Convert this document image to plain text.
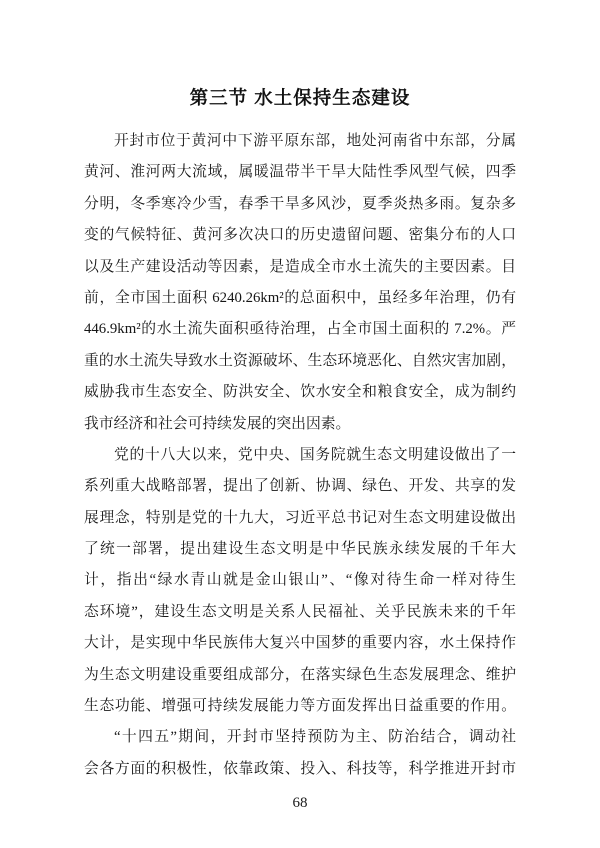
第三节 水土保持生态建设
开封市位于黄河中下游平原东部，地处河南省中东部，分属
黄河、淮河两大流域，属暖温带半干旱大陆性季风型气候，四季
分明，冬季寒冷少雪，春季干旱多风沙，夏季炎热多雨。复杂多
变的气候特征、黄河多次决口的历史遗留问题、密集分布的人口
以及生产建设活动等因素，是造成全市水土流失的主要因素。目
前，全市国土面积 6240.26km²的总面积中，虽经多年治理，仍有
446.9km²的水土流失面积亟待治理，占全市国土面积的 7.2%。严
重的水土流失导致水土资源破坏、生态环境恶化、自然灾害加剧，
威胁我市生态安全、防洪安全、饮水安全和粮食安全，成为制约
我市经济和社会可持续发展的突出因素。
党的十八大以来，党中央、国务院就生态文明建设做出了一
系列重大战略部署，提出了创新、协调、绿色、开发、共享的发
展理念，特别是党的十九大，习近平总书记对生态文明建设做出
了统一部署，提出建设生态文明是中华民族永续发展的千年大
计，指出“绿水青山就是金山银山”、“像对待生命一样对待生
态环境”，建设生态文明是关系人民福祉、关乎民族未来的千年
大计，是实现中华民族伟大复兴中国梦的重要内容，水土保持作
为生态文明建设重要组成部分，在落实绿色生态发展理念、维护
生态功能、增强可持续发展能力等方面发挥出日益重要的作用。
“十四五”期间，开封市坚持预防为主、防治结合，调动社
会各方面的积极性，依靠政策、投入、科技等，科学推进开封市
68
